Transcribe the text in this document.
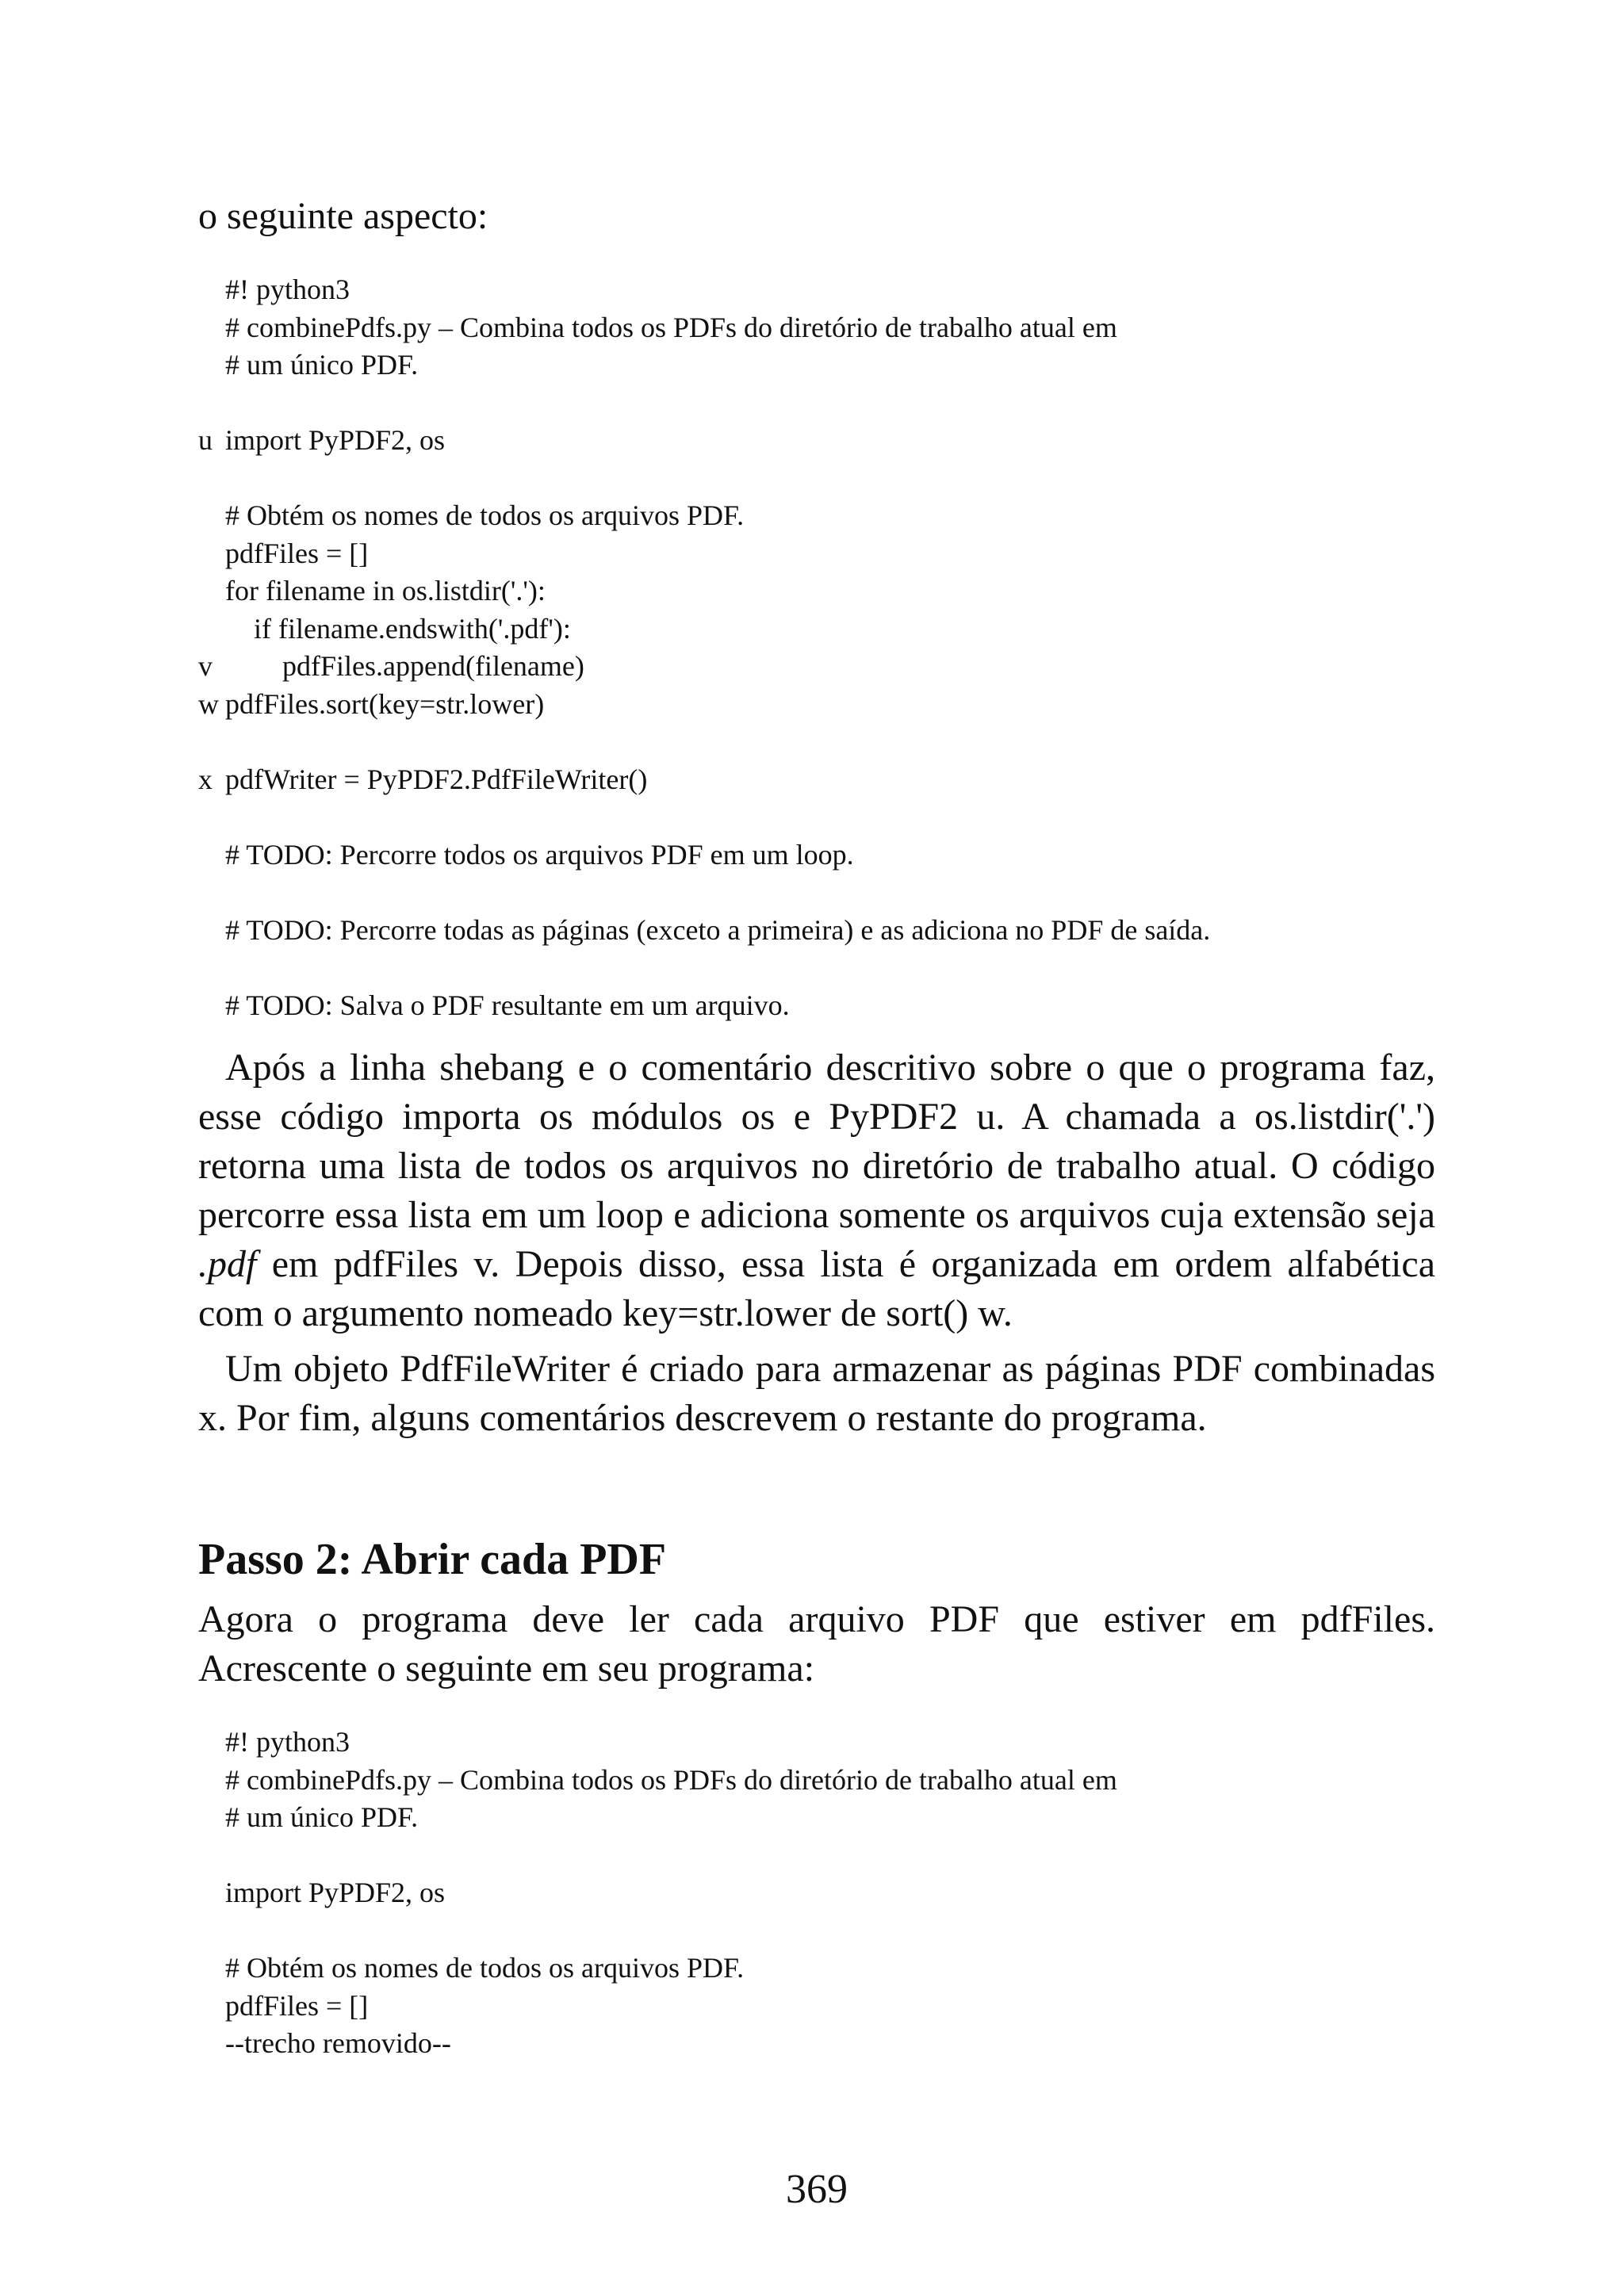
o seguinte aspecto:

#! python3
# combinePdfs.py – Combina todos os PDFs do diretório de trabalho atual em
# um único PDF.
u import PyPDF2, os
# Obtém os nomes de todos os arquivos PDF.
pdfFiles = []
for filename in os.listdir('.'):
if filename.endswith('.pdf'):
v pdfFiles.append(filename)
w pdfFiles.sort(key=str.lower)
x pdfWriter = PyPDF2.PdfFileWriter()
# TODO: Percorre todos os arquivos PDF em um loop.
# TODO: Percorre todas as páginas (exceto a primeira) e as adiciona no PDF de saída.
# TODO: Salva o PDF resultante em um arquivo.

Após a linha shebang e o comentário descritivo sobre o que o programa faz, esse código importa os módulos os e PyPDF2 u. A chamada a os.listdir('.') retorna uma lista de todos os arquivos no diretório de trabalho atual. O código percorre essa lista em um loop e adiciona somente os arquivos cuja extensão seja .pdf em pdfFiles v. Depois disso, essa lista é organizada em ordem alfabética com o argumento nomeado key=str.lower de sort() w.

Um objeto PdfFileWriter é criado para armazenar as páginas PDF combinadas x. Por fim, alguns comentários descrevem o restante do programa.

Passo 2: Abrir cada PDF

Agora o programa deve ler cada arquivo PDF que estiver em pdfFiles. Acrescente o seguinte em seu programa:

#! python3
# combinePdfs.py – Combina todos os PDFs do diretório de trabalho atual em
# um único PDF.
import PyPDF2, os
# Obtém os nomes de todos os arquivos PDF.
pdfFiles = []
--trecho removido--
369
